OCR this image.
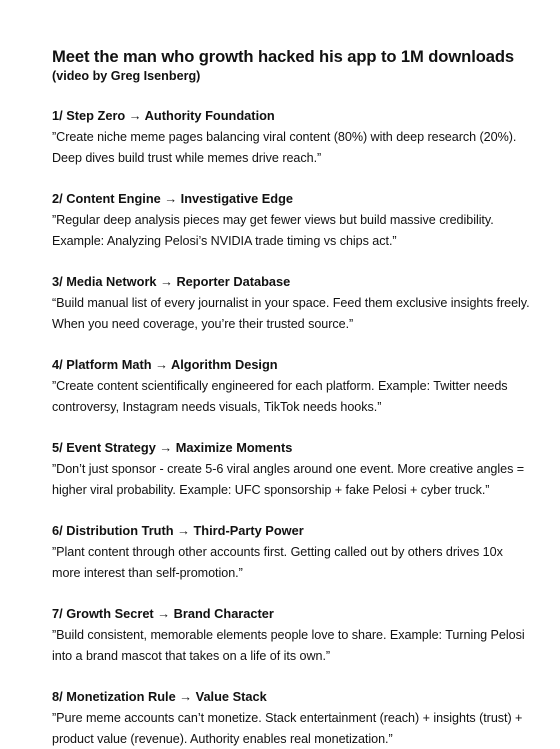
Meet the man who growth hacked his app to 1M downloads
(video by Greg Isenberg)
1/ Step Zero → Authority Foundation

”Create niche meme pages balancing viral content (80%) with deep research (20%). Deep dives build trust while memes drive reach.”

2/ Content Engine → Investigative Edge

”Regular deep analysis pieces may get fewer views but build massive credibility. Example: Analyzing Pelosi’s NVIDIA trade timing vs chips act.”

3/ Media Network → Reporter Database

“Build manual list of every journalist in your space. Feed them exclusive insights freely. When you need coverage, you’re their trusted source.”

4/ Platform Math → Algorithm Design

”Create content scientifically engineered for each platform. Example: Twitter needs controversy, Instagram needs visuals, TikTok needs hooks.”

5/ Event Strategy → Maximize Moments

”Don’t just sponsor - create 5-6 viral angles around one event. More creative angles = higher viral probability. Example: UFC sponsorship + fake Pelosi + cyber truck.”

6/ Distribution Truth → Third-Party Power

”Plant content through other accounts first. Getting called out by others drives 10x more interest than self-promotion.”

7/ Growth Secret → Brand Character

”Build consistent, memorable elements people love to share. Example: Turning Pelosi into a brand mascot that takes on a life of its own.”

8/ Monetization Rule → Value Stack

”Pure meme accounts can’t monetize. Stack entertainment (reach) + insights (trust) + product value (revenue). Authority enables real monetization.”
